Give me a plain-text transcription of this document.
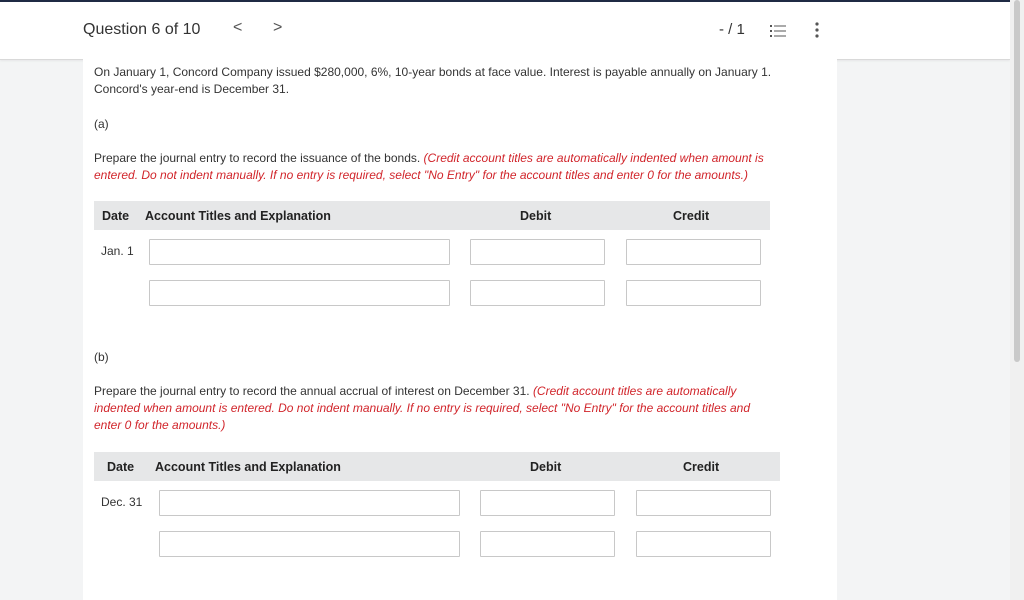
Question 6 of 10 < >	- / 1
On January 1, Concord Company issued $280,000, 6%, 10-year bonds at face value. Interest is payable annually on January 1.
Concord's year-end is December 31.
(a)
Prepare the journal entry to record the issuance of the bonds. (Credit account titles are automatically indented when amount is
entered. Do not indent manually. If no entry is required, select "No Entry" for the account titles and enter 0 for the amounts.)
Date Account Titles and Explanation	Debit	Credit
Jan. 1
(b)
Prepare the journal entry to record the annual accrual of interest on December 31. (Credit account titles are automatically
indented when amount is entered. Do not indent manually. If no entry is required, select "No Entry" for the account titles and
enter 0 for the amounts.)
Date Account Titles and Explanation	Debit	Credit
Dec. 31
